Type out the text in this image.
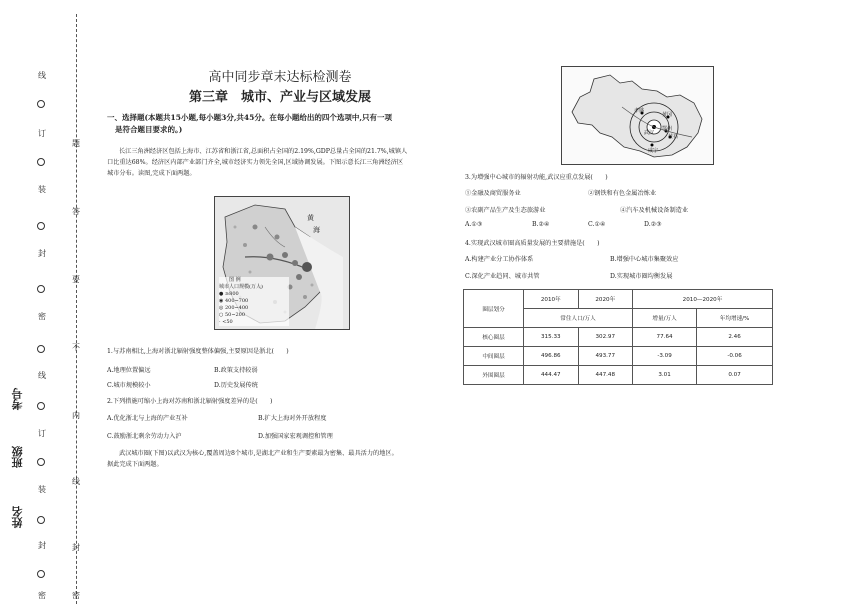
线
订
装
封
密
线
订
装
封
密
题
答
要
不
内
线
封
密
考号
班级
姓名
高中同步章末达标检测卷
第三章　城市、产业与区域发展
一、选择题(本题共15小题,每小题3分,共45分。在每小题给出的四个选项中,只有一项
是符合题目要求的。)
长江三角洲经济区包括上海市、江苏省和浙江省,总面积占全国的2.19%,GDP总量占全国的21.7%,城镇人
口比重达68%。经济区内部产业部门齐全,城市经济实力领先全国,区域协调发展。下图示意长江三角洲经济区
城市分布。读图,完成下面两题。
黄
海
图 例
城市人口规模(万人)
● ≥800
◉ 400~700
◎ 200~400
○ 50~200
· <50
1.与苏南相比,上海对浙北辐射强度整体偏强,主要原因是浙北(　　)
A.地理位置偏远	B.政策支持较弱
C.城市规模较小	D.历史发展传统
2.下列措施可缩小上海对苏南和浙北辐射强度差异的是(　　)
A.优化浙北与上海的产业互补	B.扩大上海对外开放程度
C.鼓励浙北剩余劳动力入沪	D.加强国家宏观调控和管理
武汉城市圈(下图)以武汉为核心,覆盖周边8个城市,是湖北产业和生产要素最为密集、最具活力的地区。
据此完成下面两题。
孝感
黄冈
鄂州
咸宁
武汉
黄石
3.为增强中心城市的辐射功能,武汉应重点发展(　　)
①金融及商贸服务业	②钢铁和有色金属冶炼业
③农副产品生产及生态旅游业	④汽车及机械设备制造业
A.①③	B.②④	C.①④	D.②③
4.实现武汉城市圈高质量发展的主要措施是(　　)
A.构建产业分工协作体系	B.增强中心城市集聚效应
C.深化产业趋同、城市共管	D.实现城市圈均衡发展
圈层划分	2010年	2020年	2010—2020年	
	常住人口/万人		增量/万人	年均增速/%
核心圈层	315.33	302.97	77.64	2.46
中间圈层	496.86	493.77	-3.09	-0.06
外围圈层	444.47	447.48	3.01	0.07
